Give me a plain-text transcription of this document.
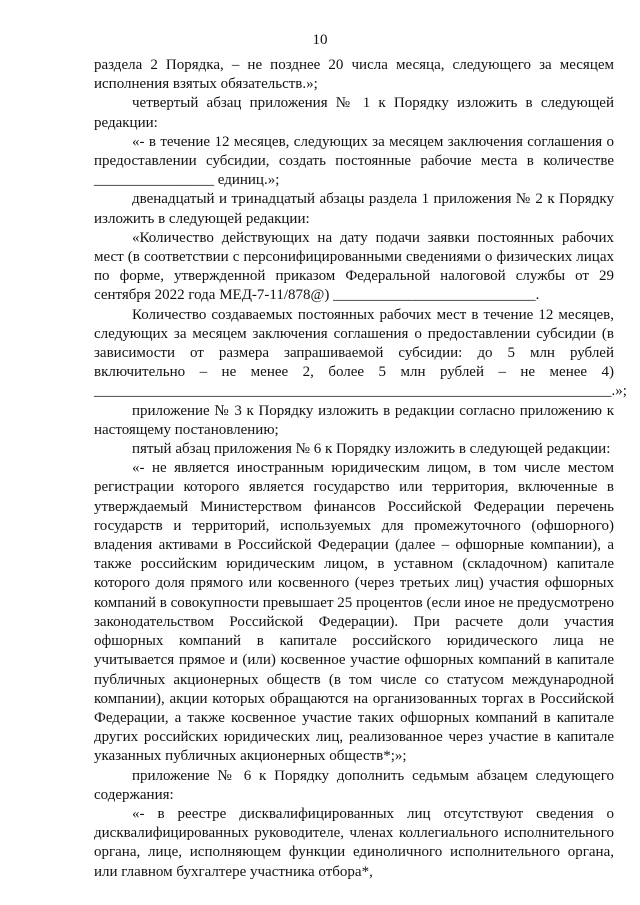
10

раздела 2 Порядка, – не позднее 20 числа месяца, следующего за месяцем исполнения взятых обязательств.»;

четвертый абзац приложения № 1 к Порядку изложить в следующей редакции:

«- в течение 12 месяцев, следующих за месяцем заключения соглашения о предоставлении субсидии, создать постоянные рабочие места в количестве ________________ единиц.»;

двенадцатый и тринадцатый абзацы раздела 1 приложения № 2 к Порядку изложить в следующей редакции:

«Количество действующих на дату подачи заявки постоянных рабочих мест (в соответствии с персонифицированными сведениями о физических лицах по форме, утвержденной приказом Федеральной налоговой службы от 29 сентября 2022 года МЕД-7-11/878@) ___________________________.

Количество создаваемых постоянных рабочих мест в течение 12 месяцев, следующих за месяцем заключения соглашения о предоставлении субсидии (в зависимости от размера запрашиваемой субсидии: до 5 млн рублей включительно – не менее 2, более 5 млн рублей – не менее 4) _____________________________________________________________________.»;

приложение № 3 к Порядку изложить в редакции согласно приложению к настоящему постановлению;

пятый абзац приложения № 6 к Порядку изложить в следующей редакции:

«- не является иностранным юридическим лицом, в том числе местом регистрации которого является государство или территория, включенные в утверждаемый Министерством финансов Российской Федерации перечень государств и территорий, используемых для промежуточного (офшорного) владения активами в Российской Федерации (далее – офшорные компании), а также российским юридическим лицом, в уставном (складочном) капитале которого доля прямого или косвенного (через третьих лиц) участия офшорных компаний в совокупности превышает 25 процентов (если иное не предусмотрено законодательством Российской Федерации). При расчете доли участия офшорных компаний в капитале российского юридического лица не учитывается прямое и (или) косвенное участие офшорных компаний в капитале публичных акционерных обществ (в том числе со статусом международной компании), акции которых обращаются на организованных торгах в Российской Федерации, а также косвенное участие таких офшорных компаний в капитале других российских юридических лиц, реализованное через участие в капитале указанных публичных акционерных обществ*;»;

приложение № 6 к Порядку дополнить седьмым абзацем следующего содержания:

«- в реестре дисквалифицированных лиц отсутствуют сведения о дисквалифицированных руководителе, членах коллегиального исполнительного органа, лице, исполняющем функции единоличного исполнительного органа, или главном бухгалтере участника отбора*,
